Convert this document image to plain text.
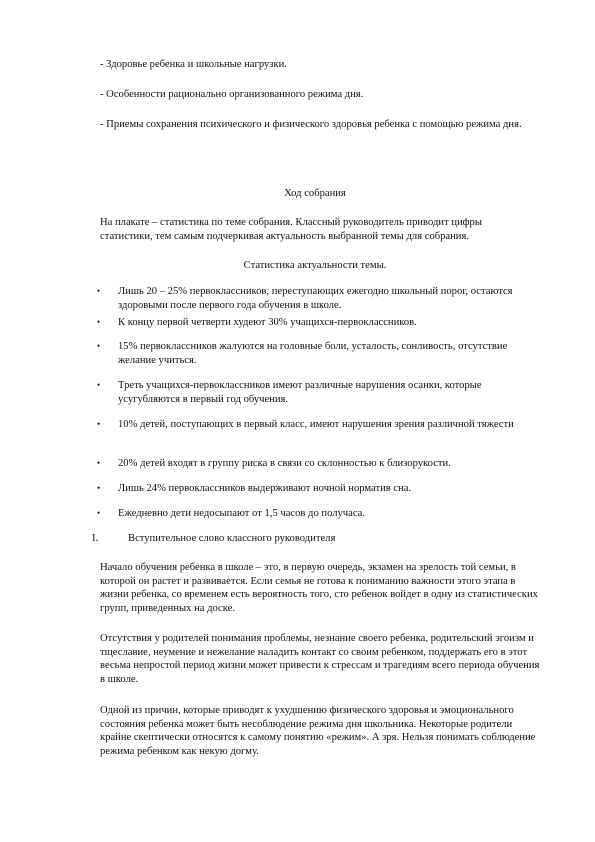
- Здоровье ребенка и школьные нагрузки.

- Особенности рационально организованного режима дня.

- Приемы сохранения психического и физического здоровья ребенка с помощью режима дня.

Ход собрания

На плакате – статистика по теме собрания. Классный руководитель приводит цифры статистики, тем самым подчеркивая актуальность выбранной темы для собрания.

Статистика актуальности темы.

•	Лишь 20 – 25% первоклассников, переступающих ежегодно школьный порог, остаются здоровыми после первого года обучения в школе.
•	К концу первой четверти худеют 30% учащихся-первоклассников.
•	15% первоклассников жалуются на головные боли, усталость, сонливость, отсутствие желание учиться.
•	Треть учащихся-первоклассников имеют различные нарушения осанки, которые усугубляются в первый год обучения.
•	10% детей, поступающих в первый класс, имеют нарушения зрения различной тяжести
•	20% детей входят в группу риска в связи со склонностью к близорукости.
•	Лишь 24% первоклассников выдерживают ночной норматив сна.
•	Ежедневно дети недосыпают от 1,5 часов до получаса.
I.	Вступительное слово классного руководителя

Начало обучения ребенка в школе – это, в первую очередь, экзамен на зрелость той семьи, в которой он растет и развивается. Если семья не готова к пониманию важности этого этапа в жизни ребенка, со временем есть вероятность того, сто ребенок войдет в одну из статистических групп, приведенных на доске.

Отсутствия у родителей понимания проблемы, незнание своего ребенка, родительский эгоизм и тщеславие, неумение и нежелание наладить контакт со своим ребенком, поддержать его в этот весьма непростой период жизни может привести к стрессам и трагедиям всего периода обучения в школе.

Одной из причин, которые приводят к ухудшению физического здоровья и эмоционального состояния ребенка может быть несоблюдение режима дня школьника. Некоторые родители крайне скептически относятся к самому понятию «режим». А зря. Нельзя понимать соблюдение режима ребенком как некую догму.
